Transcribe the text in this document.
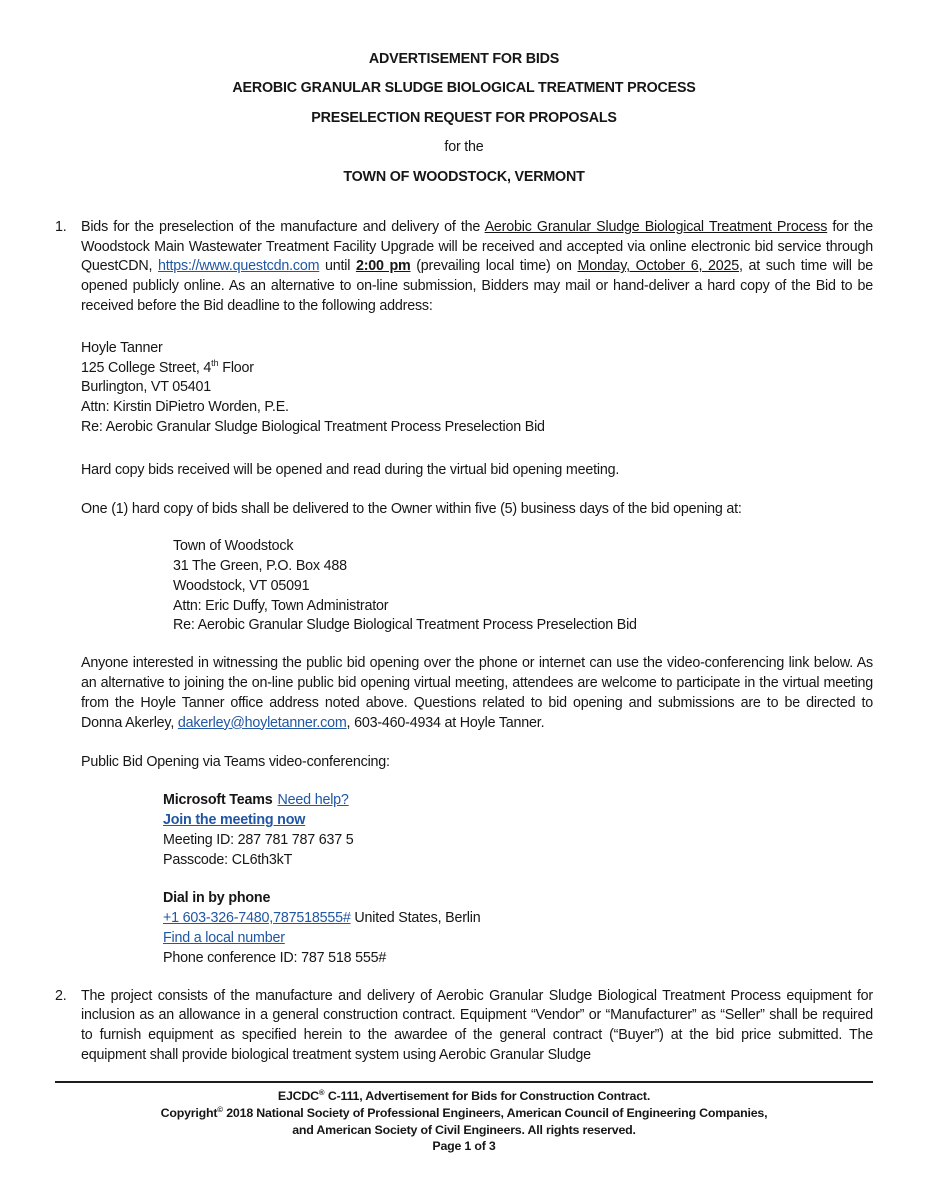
ADVERTISEMENT FOR BIDS
AEROBIC GRANULAR SLUDGE BIOLOGICAL TREATMENT PROCESS
PRESELECTION REQUEST FOR PROPOSALS
for the
TOWN OF WOODSTOCK, VERMONT
1.	Bids for the preselection of the manufacture and delivery of the Aerobic Granular Sludge Biological Treatment Process for the Woodstock Main Wastewater Treatment Facility Upgrade will be received and accepted via online electronic bid service through QuestCDN, https://www.questcdn.com until 2:00 pm (prevailing local time) on Monday, October 6, 2025, at such time will be opened publicly online. As an alternative to on-line submission, Bidders may mail or hand-deliver a hard copy of the Bid to be received before the Bid deadline to the following address:

Hoyle Tanner
125 College Street, 4th Floor
Burlington, VT 05401
Attn: Kirstin DiPietro Worden, P.E.
Re: Aerobic Granular Sludge Biological Treatment Process Preselection Bid

Hard copy bids received will be opened and read during the virtual bid opening meeting.

One (1) hard copy of bids shall be delivered to the Owner within five (5) business days of the bid opening at:

Town of Woodstock
31 The Green, P.O. Box 488
Woodstock, VT 05091
Attn: Eric Duffy, Town Administrator
Re: Aerobic Granular Sludge Biological Treatment Process Preselection Bid

Anyone interested in witnessing the public bid opening over the phone or internet can use the video-conferencing link below. As an alternative to joining the on-line public bid opening virtual meeting, attendees are welcome to participate in the virtual meeting from the Hoyle Tanner office address noted above. Questions related to bid opening and submissions are to be directed to Donna Akerley, dakerley@hoyletanner.com, 603-460-4934 at Hoyle Tanner.

Public Bid Opening via Teams video-conferencing:

Microsoft Teams Need help?
Join the meeting now
Meeting ID: 287 781 787 637 5
Passcode: CL6th3kT
Dial in by phone
+1 603-326-7480,787518555# United States, Berlin
Find a local number
Phone conference ID: 787 518 555#
2.	The project consists of the manufacture and delivery of Aerobic Granular Sludge Biological Treatment Process equipment for inclusion as an allowance in a general construction contract. Equipment “Vendor” or “Manufacturer” as “Seller” shall be required to furnish equipment as specified herein to the awardee of the general contract (“Buyer”) at the bid price submitted. The equipment shall provide biological treatment system using Aerobic Granular Sludge

EJCDC® C-111, Advertisement for Bids for Construction Contract.
Copyright© 2018 National Society of Professional Engineers, American Council of Engineering Companies,
and American Society of Civil Engineers. All rights reserved.
Page 1 of 3
